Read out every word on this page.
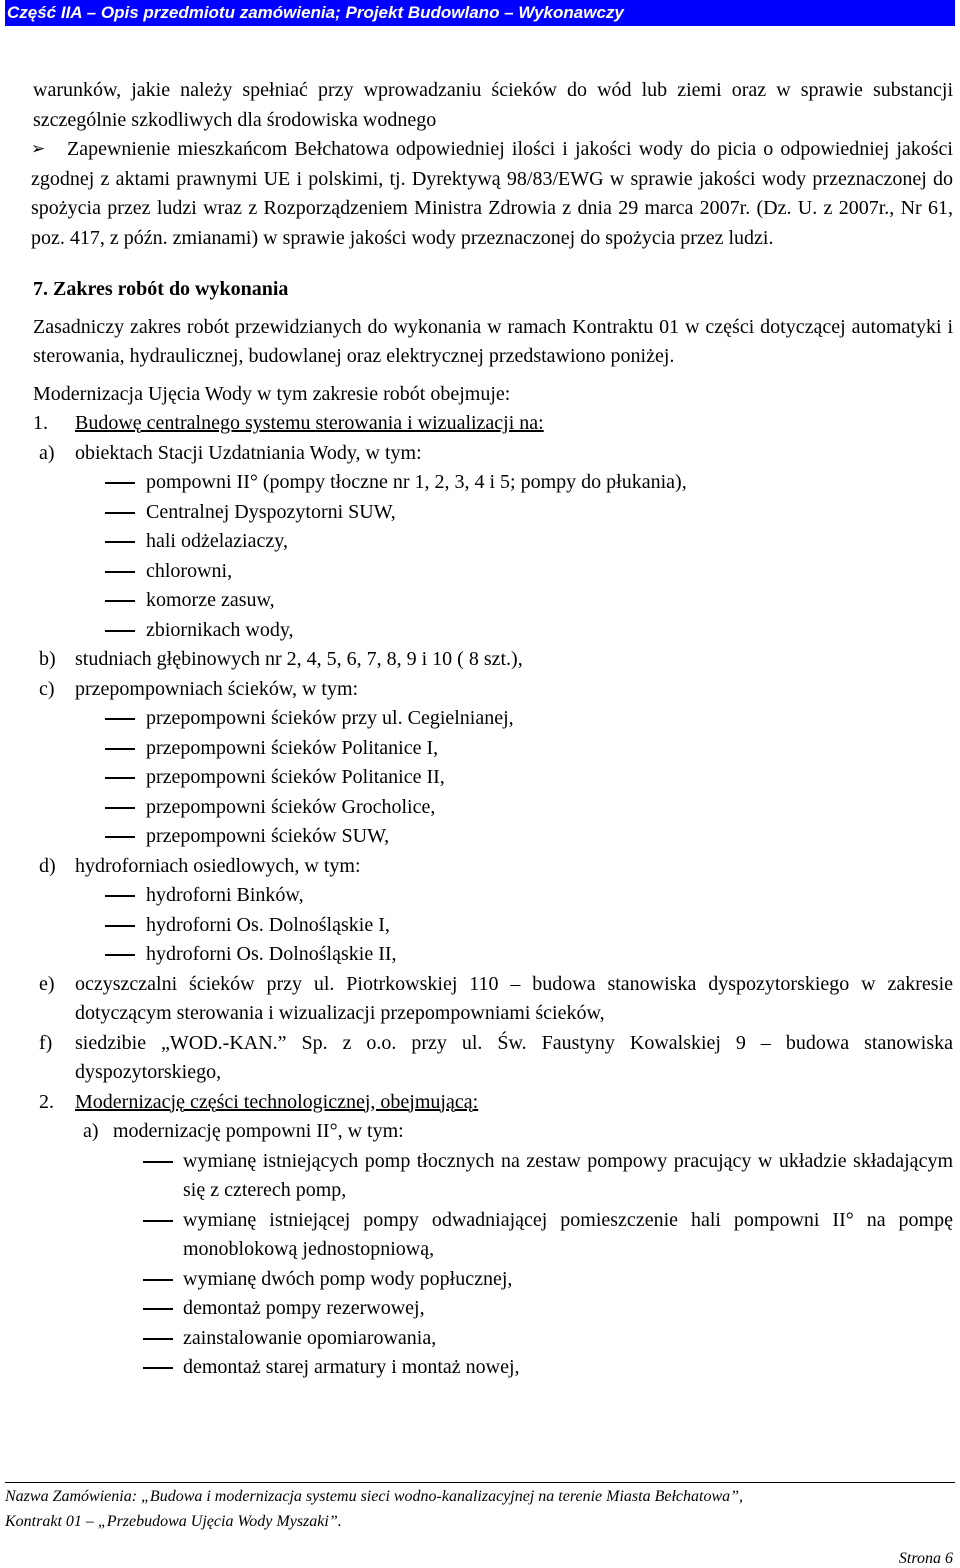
Część IIA – Opis przedmiotu zamówienia; Projekt Budowlano – Wykonawczy

warunków, jakie należy spełniać przy wprowadzaniu ścieków do wód lub ziemi oraz w sprawie substancji szczególnie szkodliwych dla środowiska wodnego

➢	Zapewnienie mieszkańcom Bełchatowa odpowiedniej ilości i jakości wody do picia o odpowiedniej jakości zgodnej z aktami prawnymi UE i polskimi, tj. Dyrektywą 98/83/EWG w sprawie jakości wody przeznaczonej do spożycia przez ludzi wraz z Rozporządzeniem Ministra Zdrowia z dnia 29 marca 2007r. (Dz. U. z 2007r., Nr 61, poz. 417, z późn. zmianami) w sprawie jakości wody przeznaczonej do spożycia przez ludzi.

7. Zakres robót do wykonania

Zasadniczy zakres robót przewidzianych do wykonania w ramach Kontraktu 01 w części dotyczącej automatyki i sterowania, hydraulicznej, budowlanej oraz elektrycznej przedstawiono poniżej.

Modernizacja Ujęcia Wody w tym zakresie robót obejmuje:

1.	Budowę centralnego systemu sterowania i wizualizacji na:
a)	obiektach Stacji Uzdatniania Wody, w tym:
pompowni II° (pompy tłoczne nr 1, 2, 3, 4 i 5; pompy do płukania),
Centralnej Dyspozytorni SUW,
hali odżelaziaczy,
chlorowni,
komorze zasuw,
zbiornikach wody,
b) studniach głębinowych nr 2, 4, 5, 6, 7, 8, 9 i 10 ( 8 szt.),
c)	przepompowniach ścieków, w tym:
przepompowni ścieków przy ul. Cegielnianej,
przepompowni ścieków Politanice I,
przepompowni ścieków Politanice II,
przepompowni ścieków Grocholice,
przepompowni ścieków SUW,
d) hydroforniach osiedlowych, w tym:
hydroforni Binków,
hydroforni Os. Dolnośląskie I,
hydroforni Os. Dolnośląskie II,
e)	oczyszczalni ścieków przy ul. Piotrkowskiej 110 – budowa stanowiska dyspozytorskiego w zakresie dotyczącym sterowania i wizualizacji przepompowniami ścieków,
f)	siedzibie „WOD.-KAN.” Sp. z o.o. przy ul. Św. Faustyny Kowalskiej 9 – budowa stanowiska dyspozytorskiego,
2.	Modernizację części technologicznej, obejmującą:
a) modernizację pompowni II°, w tym:
wymianę istniejących pomp tłocznych na zestaw pompowy pracujący w układzie składającym się z czterech pomp,
wymianę istniejącej pompy odwadniającej pomieszczenie hali pompowni II° na pompę monoblokową jednostopniową,
wymianę dwóch pomp wody popłucznej,
demontaż pompy rezerwowej,
zainstalowanie opomiarowania,
demontaż starej armatury i montaż nowej,
Nazwa Zamówienia: „Budowa i modernizacja systemu sieci wodno-kanalizacyjnej na terenie Miasta Bełchatowa”,
Kontrakt 01 – „Przebudowa Ujęcia Wody Myszaki”.
Strona 6
